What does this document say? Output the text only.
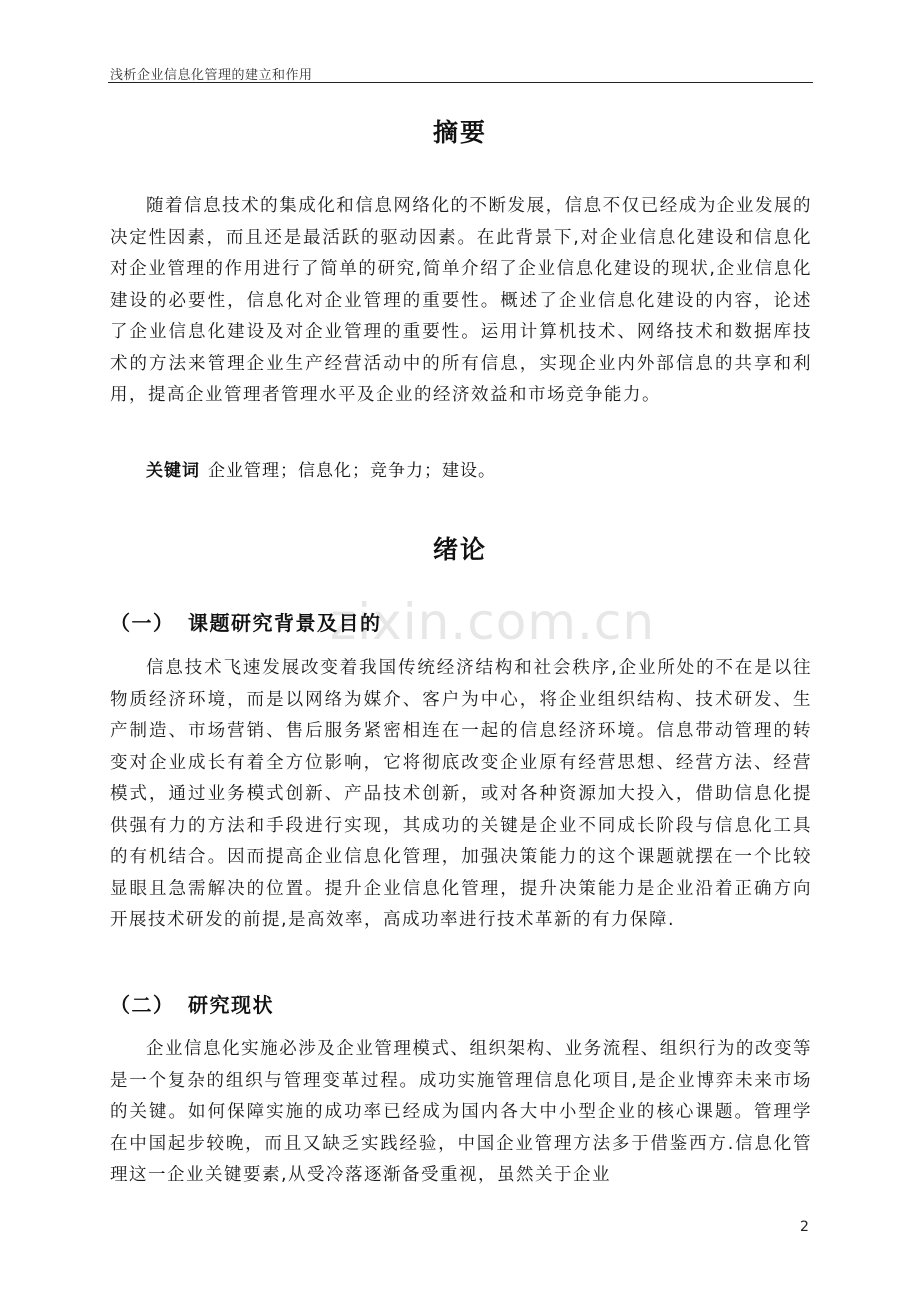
浅析企业信息化管理的建立和作用
摘要

随着信息技术的集成化和信息网络化的不断发展，信息不仅已经成为企业发展的决定性因素，而且还是最活跃的驱动因素。在此背景下,对企业信息化建设和信息化对企业管理的作用进行了简单的研究,简单介绍了企业信息化建设的现状,企业信息化建设的必要性，信息化对企业管理的重要性。概述了企业信息化建设的内容，论述了企业信息化建设及对企业管理的重要性。运用计算机技术、网络技术和数据库技术的方法来管理企业生产经营活动中的所有信息，实现企业内外部信息的共享和利用，提高企业管理者管理水平及企业的经济效益和市场竞争能力。

关键词 企业管理；信息化；竞争力；建设。
绪论
zixin.com.cn
（一） 课题研究背景及目的

信息技术飞速发展改变着我国传统经济结构和社会秩序,企业所处的不在是以往物质经济环境，而是以网络为媒介、客户为中心，将企业组织结构、技术研发、生产制造、市场营销、售后服务紧密相连在一起的信息经济环境。信息带动管理的转变对企业成长有着全方位影响，它将彻底改变企业原有经营思想、经营方法、经营模式，通过业务模式创新、产品技术创新，或对各种资源加大投入，借助信息化提供强有力的方法和手段进行实现，其成功的关键是企业不同成长阶段与信息化工具的有机结合。因而提高企业信息化管理，加强决策能力的这个课题就摆在一个比较显眼且急需解决的位置。提升企业信息化管理，提升决策能力是企业沿着正确方向开展技术研发的前提,是高效率，高成功率进行技术革新的有力保障.

（二） 研究现状

企业信息化实施必涉及企业管理模式、组织架构、业务流程、组织行为的改变等是一个复杂的组织与管理变革过程。成功实施管理信息化项目,是企业博弈未来市场的关键。如何保障实施的成功率已经成为国内各大中小型企业的核心课题。管理学在中国起步较晚，而且又缺乏实践经验，中国企业管理方法多于借鉴西方.信息化管理这一企业关键要素,从受冷落逐渐备受重视，虽然关于企业

2
